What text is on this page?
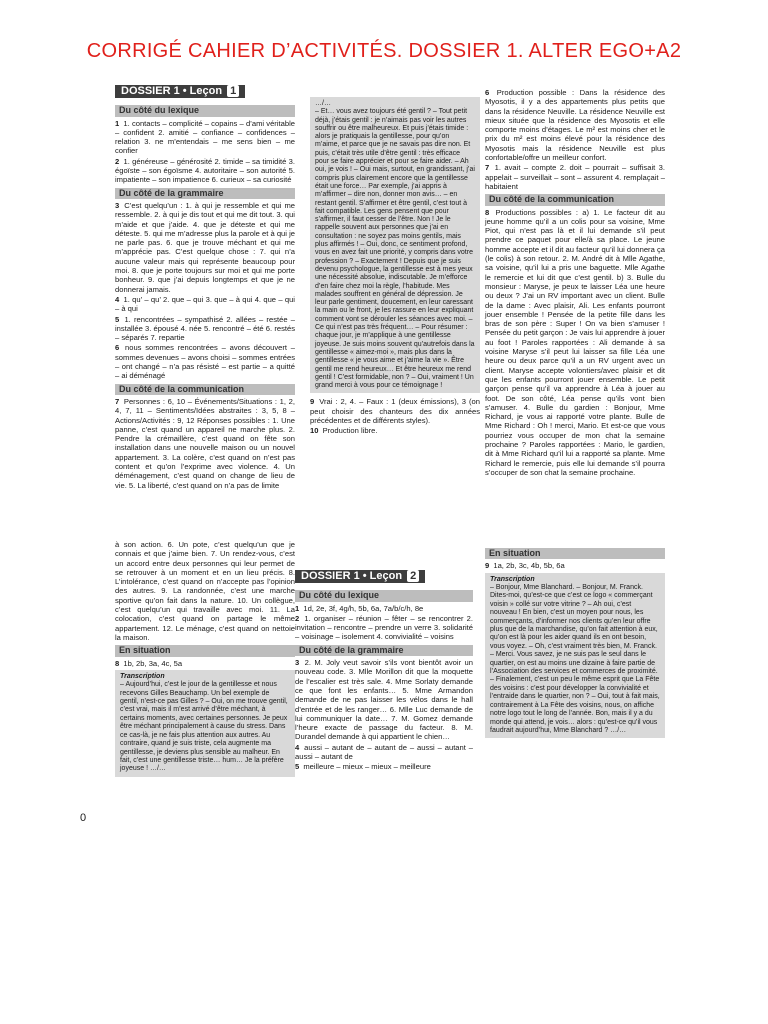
CORRIGÉ CAHIER D’ACTIVITÉS. DOSSIER 1. ALTER EGO+A2
DOSSIER 1 • Leçon 1
Du côté du lexique
1 1. contacts – complicité – copains – d’ami véritable – confident 2. amitié – confiance – confidences – relation 3. ne m’entendais – me sens bien – me confier
2 1. généreuse – générosité 2. timide – sa timidité 3. égoïste – son égoïsme 4. autoritaire – son autorité 5. impatiente – son impatience 6. curieux – sa curiosité
Du côté de la grammaire
3 C’est quelqu’un : 1. à qui je ressemble et qui me ressemble. 2. à qui je dis tout et qui me dit tout. 3. qui m’aide et que j’aide. 4. que je déteste et qui me déteste. 5. qui me m’adresse plus la parole et à qui je ne parle pas. 6. que je trouve méchant et qui me m’apprécie pas. C’est quelque chose : 7. qui n’a aucune valeur mais qui représente beaucoup pour moi. 8. que je porte toujours sur moi et qui me porte bonheur. 9. que j’ai depuis longtemps et que je ne donnerai jamais.
4 1. qu’ – qu’ 2. que – qui 3. que – à qui 4. que – qui – à qui
5 1. rencontrées – sympathisé 2. allées – restée – installée 3. épousé 4. née 5. rencontré – été 6. restés – séparés 7. repartie
6 nous sommes rencontrées – avons découvert – sommes devenues – avons choisi – sommes entrées – ont changé – n’a pas résisté – est partie – a quitté – ai déménagé
Du côté de la communication
7 Personnes : 6, 10 – Événements/Situations : 1, 2, 4, 7, 11 – Sentiments/Idées abstraites : 3, 5, 8 – Actions/Activités : 9, 12 Réponses possibles : 1. Une panne, c’est quand un appareil ne marche plus. 2. Pendre la crémaillère, c’est quand on fête son installation dans une nouvelle maison ou un nouvel appartement. 3. La colère, c’est quand on n’est pas content et qu’on l’exprime avec violence. 4. Un déménagement, c’est quand on change de lieu de vie. 5. La liberté, c’est quand on n’a pas de limite

à son action. 6. Un pote, c’est quelqu’un que je connais et que j’aime bien. 7. Un rendez-vous, c’est un accord entre deux personnes qui leur permet de se retrouver à un moment et en un lieu précis. 8. L’intolérance, c’est quand on n’accepte pas l’opinion des autres. 9. La randonnée, c’est une marche sportive qu’on fait dans la nature. 10. Un collègue, c’est quelqu’un qui travaille avec moi. 11. La colocation, c’est quand on partage le même appartement. 12. Le ménage, c’est quand on nettoie la maison.

En situation
8 1b, 2b, 3a, 4c, 5a
Transcription
– Aujourd’hui, c’est le jour de la gentillesse et nous recevons Gilles Beauchamp. Un bel exemple de gentil, n’est-ce pas Gilles ? – Oui, on me trouve gentil, c’est vrai, mais il m’est arrivé d’être méchant, à certains moments, avec certaines personnes. Je peux être méchant principalement à cause du stress. Dans ce cas-là, je ne fais plus attention aux autres. Au contraire, quand je suis triste, cela augmente ma gentillesse, je deviens plus sensible au malheur. En fait, c’est une gentillesse triste… hum… Je la préfère joyeuse ! …/…
…/…
– Et… vous avez toujours été gentil ? – Tout petit déjà, j’étais gentil : je n’aimais pas voir les autres souffrir ou être malheureux. Et puis j’étais timide : alors je pratiquais la gentillesse, pour qu’on m’aime, et parce que je ne savais pas dire non. Et puis, c’était très utile d’être gentil : très efficace pour se faire apprécier et pour se faire aider. – Ah oui, je vois ! – Oui mais, surtout, en grandissant, j’ai compris plus clairement encore que la gentillesse était une force… Par exemple, j’ai appris à m’affirmer – dire non, donner mon avis… – en restant gentil. S’affirmer et être gentil, c’est tout à fait compatible. Les gens pensent que pour s’affirmer, il faut cesser de l’être. Non ! Je le rappelle souvent aux personnes que j’ai en consultation : ne soyez pas moins gentils, mais plus affirmés ! – Oui, donc, ce sentiment profond, vous en avez fait une priorité, y compris dans votre profession ? – Exactement ! Depuis que je suis devenu psychologue, la gentillesse est à mes yeux une nécessité absolue, indiscutable. Je m’efforce d’en faire chez moi la règle, l’habitude. Mes malades souffrent en général de dépression. Je leur parle gentiment, doucement, en leur caressant la main ou le front, je les rassure en leur expliquant comment vont se dérouler les séances avec moi. – Ce qui n’est pas très fréquent… – Pour résumer : chaque jour, je m’applique à une gentillesse joyeuse. Je suis moins souvent qu’autrefois dans la gentillesse « aimez-moi », mais plus dans la gentillesse « je vous aime et j’aime la vie ». Être gentil me rend heureux… Et être heureux me rend gentil ! C’est formidable, non ? – Oui, vraiment ! Un grand merci à vous pour ce témoignage !
9 Vrai : 2, 4. – Faux : 1 (deux émissions), 3 (on peut choisir des chanteurs des dix années précédentes et de différents styles).
10 Production libre.
DOSSIER 1 • Leçon 2
Du côté du lexique
1 1d, 2e, 3f, 4g/h, 5b, 6a, 7a/b/c/h, 8e
2 1. organiser – réunion – fêter – se rencontrer 2. invitation – rencontre – prendre un verre 3. solidarité – voisinage – isolement 4. convivialité – voisins
Du côté de la grammaire
3 2. M. Joly veut savoir s’ils vont bientôt avoir un nouveau code. 3. Mlle Morillon dit que la moquette de l’escalier est très sale. 4. Mme Sorlaty demande ce que font les enfants… 5. Mme Armandon demande de ne pas laisser les vélos dans le hall d’entrée et de les ranger… 6. Mlle Luc demande de lui communiquer la date… 7. M. Gomez demande l’heure exacte de passage du facteur. 8. M. Durandel demande à qui appartient le chien…
4 aussi – autant de – autant de – aussi – autant – aussi – autant de
5 meilleure – mieux – mieux – meilleure
6 Production possible : Dans la résidence des Myosotis, il y a des appartements plus petits que dans la résidence Neuville. La résidence Neuville est mieux située que la résidence des Myosotis et elle comporte moins d’étages. Le m² est moins cher et le prix du m² est moins élevé pour la résidence des Myosotis mais la résidence Neuville est plus confortable/offre un meilleur confort.
7 1. avait – compte 2. doit – pourrait – suffisait 3. appelait – surveillait – sont – assurent 4. remplaçait – habitaient
Du côté de la communication
8 Productions possibles : a) 1. Le facteur dit au jeune homme qu’il a un colis pour sa voisine, Mme Piot, qui n’est pas là et il lui demande s’il peut prendre ce paquet pour elle/à sa place. Le jeune homme accepte et il dit au facteur qu’il lui donnera ça (le colis) à son retour. 2. M. André dit à Mlle Agathe, sa voisine, qu’il lui a pris une baguette. Mlle Agathe le remercie et lui dit que c’est gentil. b) 3. Bulle du monsieur : Maryse, je peux te laisser Léa une heure ou deux ? J’ai un RV important avec un client. Bulle de la dame : Avec plaisir, Ali. Les enfants pourront jouer ensemble ! Pensée de la petite fille dans les bras de son père : Super ! On va bien s’amuser ! Pensée du petit garçon : Je vais lui apprendre à jouer au foot ! Paroles rapportées : Ali demande à sa voisine Maryse s’il peut lui laisser sa fille Léa une heure ou deux parce qu’il a un RV urgent avec un client. Maryse accepte volontiers/avec plaisir et dit que les enfants pourront jouer ensemble. Le petit garçon pense qu’il va apprendre à Léa à jouer au foot. De son côté, Léa pense qu’ils vont bien s’amuser. 4. Bulle du gardien : Bonjour, Mme Richard, je vous ai rapporté votre plante. Bulle de Mme Richard : Oh ! merci, Mario. Et est-ce que vous pourriez vous occuper de mon chat la semaine prochaine ? Paroles rapportées : Mario, le gardien, dit à Mme Richard qu’il lui a rapporté sa plante. Mme Richard le remercie, puis elle lui demande s’il pourra s’occuper de son chat la semaine prochaine.
En situation
9 1a, 2b, 3c, 4b, 5b, 6a
Transcription
– Bonjour, Mme Blanchard. – Bonjour, M. Franck. Dites-moi, qu’est-ce que c’est ce logo « commerçant voisin » collé sur votre vitrine ? – Ah oui, c’est nouveau ! En bien, c’est un moyen pour nous, les commerçants, d’informer nos clients qu’en leur offre plus que de la marchandise, qu’on fait attention à eux, qu’on est là pour les aider quand ils en ont besoin, vous voyez. – Oh, c’est vraiment très bien, M. Franck. – Merci. Vous savez, je ne suis pas le seul dans le quartier, on est au moins une dizaine à faire partie de l’Association des services et commerces de proximité. – Finalement, c’est un peu le même esprit que La Fête des voisins : c’est pour développer la convivialité et l’entraide dans le quartier, non ? – Oui, tout à fait mais, contrairement à La Fête des voisins, nous, on affiche notre logo tout le long de l’année. Bon, mais il y a du monde qui attend, je vois… alors : qu’est-ce qu’il vous faudrait aujourd’hui, Mme Blanchard ? …/…
0
